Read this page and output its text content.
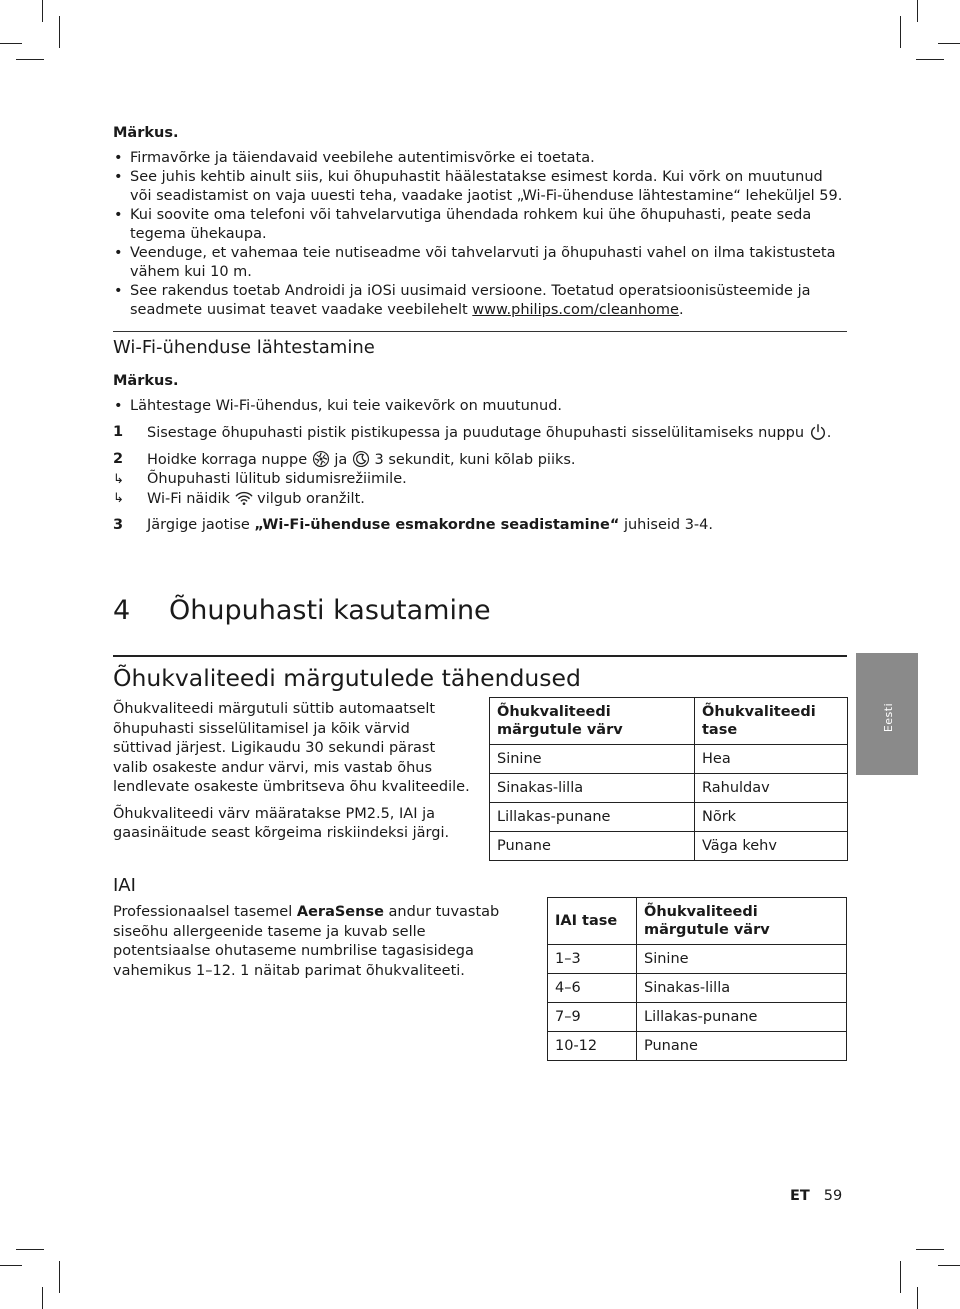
Märkus.

• Firmavõrke ja täiendavaid veebilehe autentimisvõrke ei toetata.
• See juhis kehtib ainult siis, kui õhupuhastit häälestatakse esimest korda. Kui võrk on muutunud või seadistamist on vaja uuesti teha, vaadake jaotist „Wi-Fi-ühenduse lähtestamine“ leheküljel 59.
• Kui soovite oma telefoni või tahvelarvutiga ühendada rohkem kui ühe õhupuhasti, peate seda tegema ühekaupa.
• Veenduge, et vahemaa teie nutiseadme või tahvelarvuti ja õhupuhasti vahel on ilma takistusteta vähem kui 10 m.
• See rakendus toetab Androidi ja iOSi uusimaid versioone. Toetatud operatsioonisüsteemide ja seadmete uusimat teavet vaadake veebilehelt www.philips.com/cleanhome.
Wi-Fi-ühenduse lähtestamine

Märkus.

• Lähtestage Wi-Fi-ühendus, kui teie vaikevõrk on muutunud.
1 Sisestage õhupuhasti pistik pistikupessa ja puudutage õhupuhasti sisselülitamiseks nuppu .
2 Hoidke korraga nuppe  ja  3 sekundit, kuni kõlab piiks.
↳ Õhupuhasti lülitub sidumisrežiimile.
↳ Wi-Fi näidik  vilgub oranžilt.
3 Järgige jaotise „Wi-Fi-ühenduse esmakordne seadistamine“ juhiseid 3-4.
4 Õhupuhasti kasutamine
Õhukvaliteedi märgutulede tähendused

Õhukvaliteedi märgutuli süttib automaatselt õhupuhasti sisselülitamisel ja kõik värvid süttivad järjest. Ligikaudu 30 sekundi pärast valib osakeste andur värvi, mis vastab õhus lendlevate osakeste ümbritseva õhu kvaliteedile.

Õhukvaliteedi värv määratakse PM2.5, IAI ja gaasinäitude seast kõrgeima riskiindeksi järgi.

Õhukvaliteedi märgutule värv	Õhukvaliteedi tase
Sinine	Hea
Sinakas-lilla	Rahuldav
Lillakas-punane	Nõrk
Punane	Väga kehv
IAI

Professionaalsel tasemel AeraSense andur tuvastab siseõhu allergeenide taseme ja kuvab selle potentsiaalse ohutaseme numbrilise tagasisidega vahemikus 1–12. 1 näitab parimat õhukvaliteeti.

IAI tase	Õhukvaliteedi märgutule värv
1–3	Sinine
4–6	Sinakas-lilla
7–9	Lillakas-punane
10-12	Punane
Eesti
ET 59
